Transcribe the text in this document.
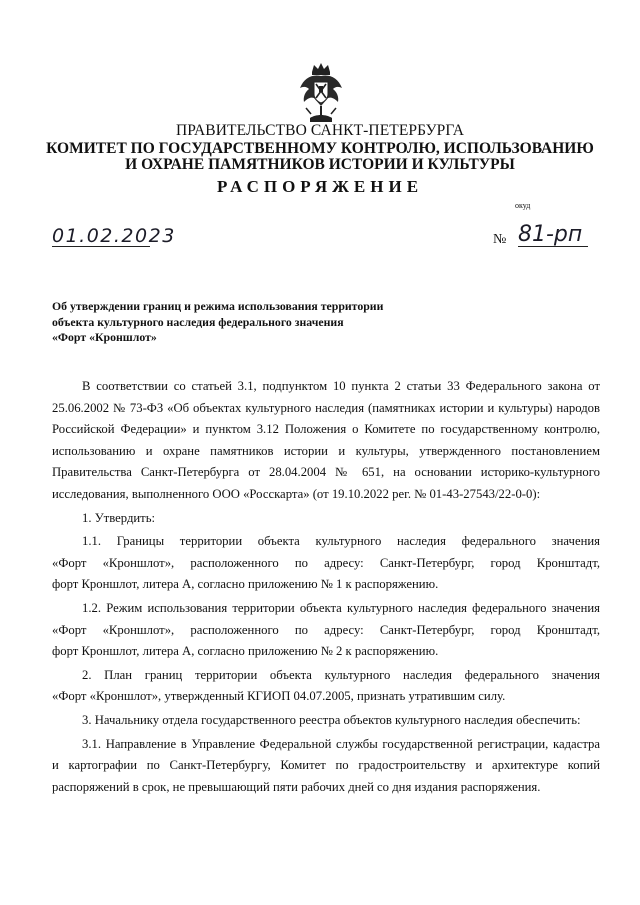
ПРАВИТЕЛЬСТВО САНКТ-ПЕТЕРБУРГА
КОМИТЕТ ПО ГОСУДАРСТВЕННОМУ КОНТРОЛЮ, ИСПОЛЬЗОВАНИЮ
И ОХРАНЕ ПАМЯТНИКОВ ИСТОРИИ И КУЛЬТУРЫ
РАСПОРЯЖЕНИЕ
окуд
01.02.2023	№ 81-рп
Об утверждении границ и режима использования территории
объекта культурного наследия федерального значения
«Форт «Кроншлот»

В соответствии со статьей 3.1, подпунктом 10 пункта 2 статьи 33 Федерального закона от

25.06.2002 № 73-ФЗ «Об объектах культурного наследия (памятниках истории и культуры) народов

Российской Федерации» и пунктом 3.12 Положения о Комитете по государственному контролю,

использованию и охране памятников истории и культуры, утвержденного постановлением

Правительства Санкт-Петербурга от 28.04.2004 № 651, на основании историко-культурного

исследования, выполненного ООО «Росскарта» (от 19.10.2022 рег. № 01-43-27543/22-0-0):

1. Утвердить:

1.1. Границы территории объекта культурного наследия федерального значения

«Форт «Кроншлот», расположенного по адресу: Санкт-Петербург, город Кронштадт,

форт Кроншлот, литера А, согласно приложению № 1 к распоряжению.

1.2. Режим использования территории объекта культурного наследия федерального значения

«Форт «Кроншлот», расположенного по адресу: Санкт-Петербург, город Кронштадт,

форт Кроншлот, литера А, согласно приложению № 2 к распоряжению.

2. План границ территории объекта культурного наследия федерального значения

«Форт «Кроншлот», утвержденный КГИОП 04.07.2005, признать утратившим силу.

3. Начальнику отдела государственного реестра объектов культурного наследия обеспечить:

3.1. Направление в Управление Федеральной службы государственной регистрации, кадастра

и картографии по Санкт-Петербургу, Комитет по градостроительству и архитектуре копий

распоряжений в срок, не превышающий пяти рабочих дней со дня издания распоряжения.
